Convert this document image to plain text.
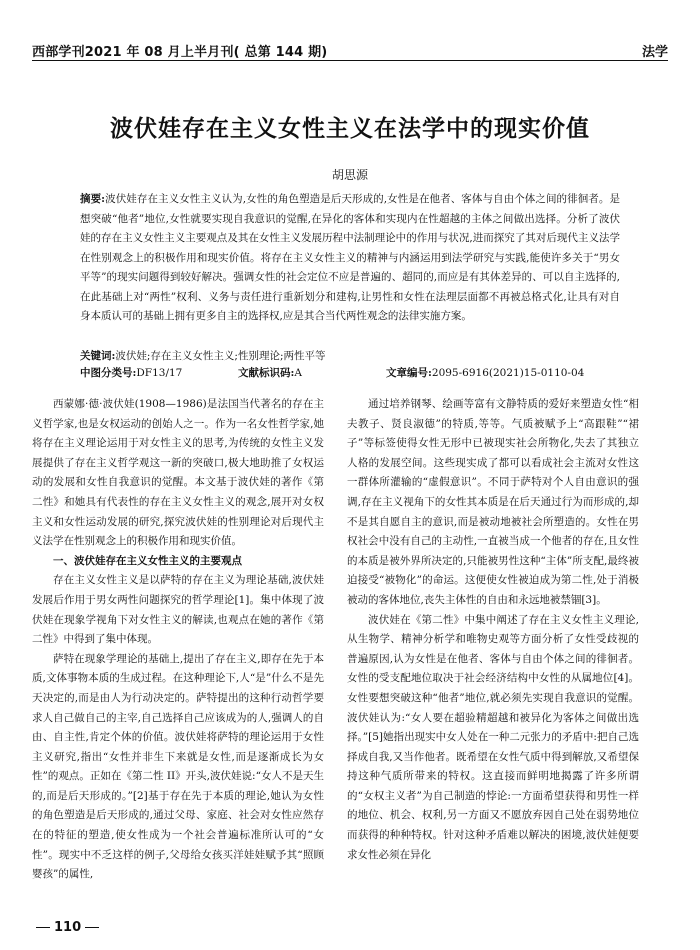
西部学刊2021 年 08 月上半月刊( 总第 144 期)	法学
波伏娃存在主义女性主义在法学中的现实价值
胡思源
摘要:波伏娃存在主义女性主义认为,女性的角色塑造是后天形成的,女性是在他者、客体与自由个体之间的徘徊者。是想突破“他者”地位,女性就要实现自我意识的觉醒,在异化的客体和实现内在性超越的主体之间做出选择。分析了波伏娃的存在主义女性主义主要观点及其在女性主义发展历程中法制理论中的作用与状况,进而探究了其对后现代主义法学在性别观念上的积极作用和现实价值。将存在主义女性主义的精神与内涵运用到法学研究与实践,能使许多关于“男女平等”的现实问题得到较好解决。强调女性的社会定位不应是普遍的、超同的,而应是有其体差异的、可以自主选择的,在此基础上对“两性”权利、义务与责任进行重新划分和建构,让男性和女性在法理层面都不再被总格式化,让具有对自身本质认可的基础上拥有更多自主的选择权,应是其合当代两性观念的法律实施方案。
关键词:波伏娃;存在主义女性主义;性别理论;两性平等
中图分类号:DF13/17	文献标识码:A	文章编号:2095-6916(2021)15-0110-04

西蒙娜·德·波伏娃(1908—1986)是法国当代著名的存在主义哲学家,也是女权运动的创始人之一。作为一名女性哲学家,她将存在主义理论运用于对女性主义的思考,为传统的女性主义发展提供了存在主义哲学观这一新的突破口,极大地助推了女权运动的发展和女性自我意识的觉醒。本文基于波伏娃的著作《第二性》和她具有代表性的存在主义女性主义的观念,展开对女权主义和女性运动发展的研究,探究波伏娃的性别理论对后现代主义法学在性别观念上的积极作用和现实价值。

一、波伏娃存在主义女性主义的主要观点

存在主义女性主义是以萨特的存在主义为理论基础,波伏娃发展后作用于男女两性问题探究的哲学理论[1]。集中体现了波伏娃在现象学视角下对女性主义的解读,也观点在她的著作《第二性》中得到了集中体现。

萨特在现象学理论的基础上,提出了存在主义,即存在先于本质,文体事物本质的生成过程。在这种理论下,人“是”什么不是先天决定的,而是由人为行动决定的。萨特提出的这种行动哲学要求人自己做自己的主宰,自己选择自己应该成为的人,强调人的自由、自主性,肯定个体的价值。波伏娃将萨特的理论运用于女性主义研究,指出“女性并非生下来就是女性,而是逐渐成长为女性”的观点。正如在《第二性 II》开头,波伏娃说:“女人不是天生的,而是后天形成的。”[2]基于存在先于本质的理论,她认为女性的角色塑造是后天形成的,通过父母、家庭、社会对女性应然存在的特征的塑造,使女性成为一个社会普遍标准所认可的“女性”。现实中不乏这样的例子,父母给女孩买洋娃娃赋予其“照顾婴孩”的属性,

通过培养钢琴、绘画等富有文静特质的爱好来塑造女性“相夫教子、贤良淑德”的特质,等等。气质被赋予上“高跟鞋”“裙子”等标签使得女性无形中已被现实社会所物化,失去了其独立人格的发展空间。这些现实成了都可以看成社会主流对女性这一群体所灌输的“虚假意识”。不同于萨特对个人自由意识的强调,存在主义视角下的女性其本质是在后天通过行为而形成的,却不是其自愿自主的意识,而是被动地被社会所塑造的。女性在男权社会中没有自己的主动性,一直被当成一个他者的存在,且女性的本质是被外界所决定的,只能被男性这种“主体”所支配,最终被迫接受“被物化”的命运。这便使女性被迫成为第二性,处于消极被动的客体地位,丧失主体性的自由和永远地被禁锢[3]。

波伏娃在《第二性》中集中阐述了存在主义女性主义理论,从生物学、精神分析学和唯物史观等方面分析了女性受歧视的普遍原因,认为女性是在他者、客体与自由个体之间的徘徊者。女性的受支配地位取决于社会经济结构中女性的从属地位[4]。女性要想突破这种“他者”地位,就必须先实现自我意识的觉醒。波伏娃认为:“女人要在超验精超越和被异化为客体之间做出选择。”[5]她指出现实中女人处在一种二元张力的矛盾中:把自己选择成自我,又当作他者。既希望在女性气质中得到解放,又希望保持这种气质所带来的特权。这直接而鲜明地揭露了许多所谓的“女权主义者”为自己制造的悖论:一方面希望获得和男性一样的地位、机会、权利,另一方面又不愿放弃因自己处在弱势地位而获得的种种特权。针对这种矛盾难以解决的困境,波伏娃便要求女性必须在异化

110
